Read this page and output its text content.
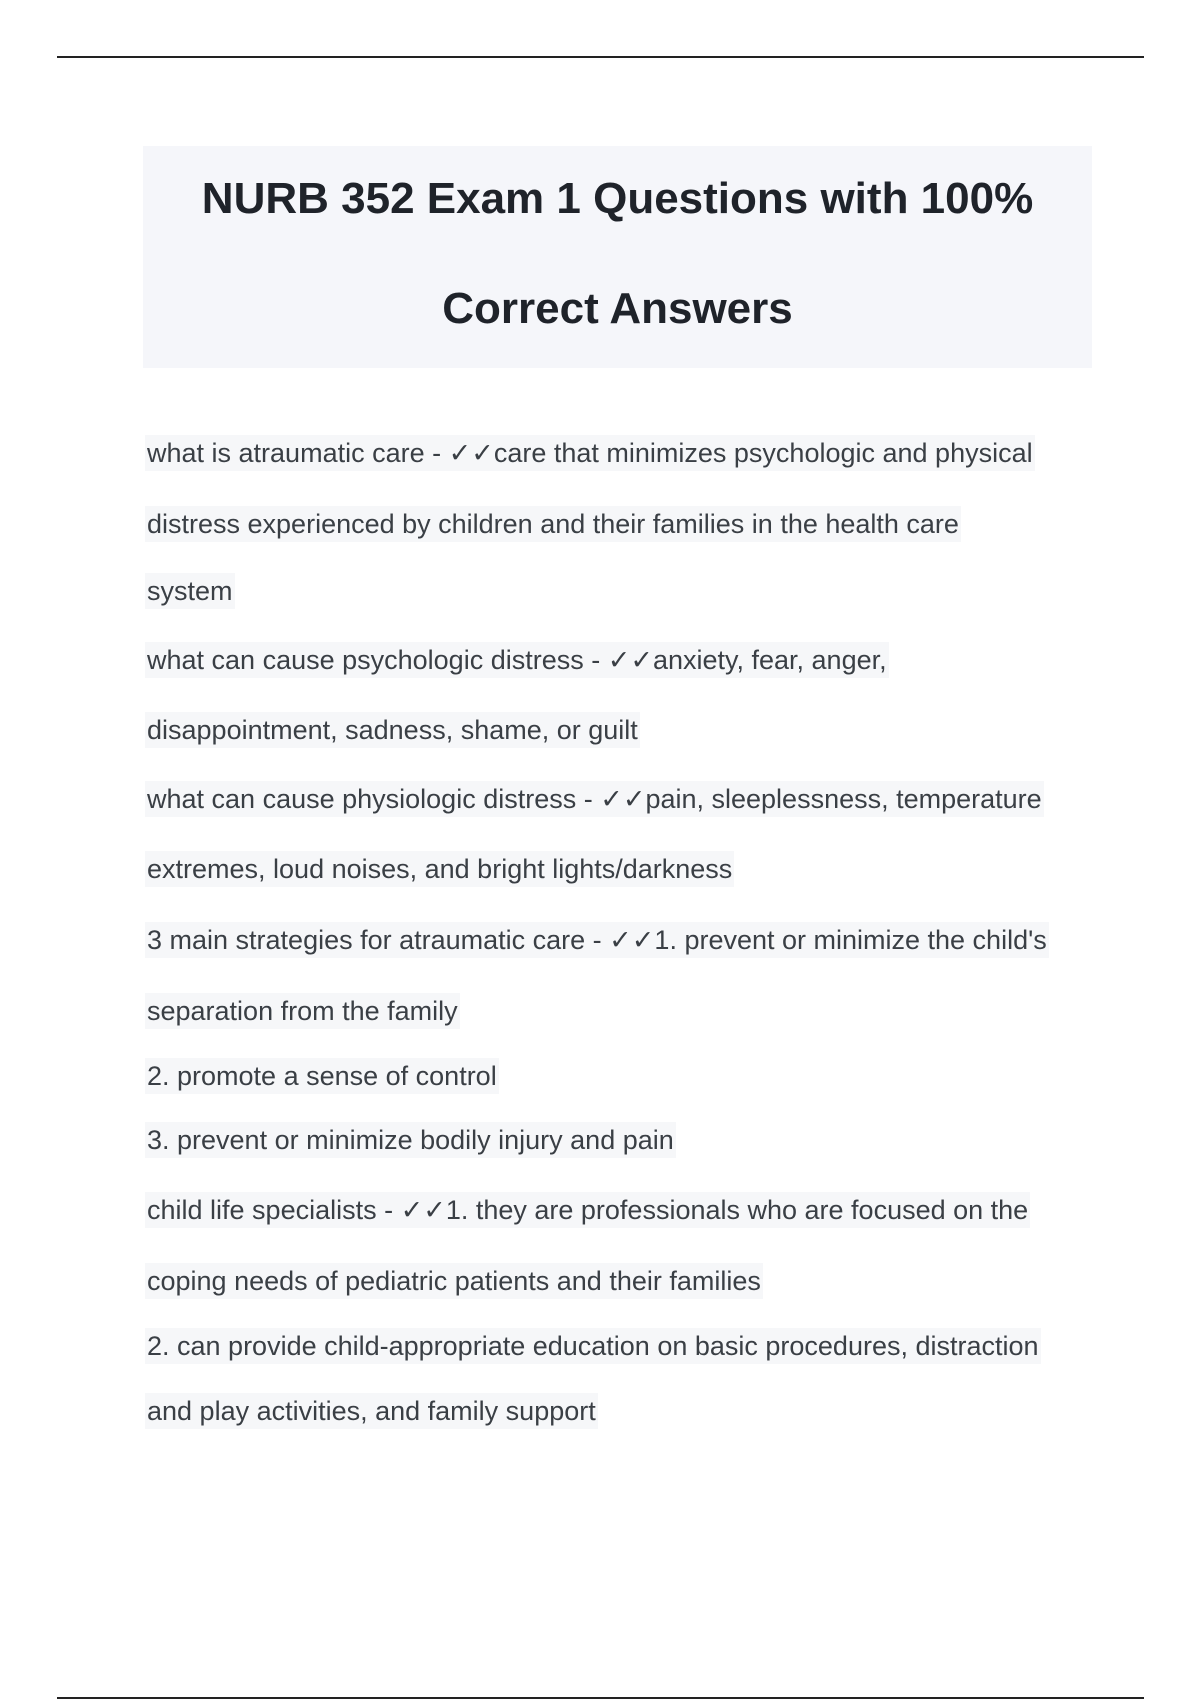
NURB 352 Exam 1 Questions with 100%
Correct Answers
what is atraumatic care - ✓✓care that minimizes psychologic and physical
distress experienced by children and their families in the health care
system
what can cause psychologic distress - ✓✓anxiety, fear, anger,
disappointment, sadness, shame, or guilt
what can cause physiologic distress - ✓✓pain, sleeplessness, temperature
extremes, loud noises, and bright lights/darkness
3 main strategies for atraumatic care - ✓✓1. prevent or minimize the child's
separation from the family
2. promote a sense of control
3. prevent or minimize bodily injury and pain
child life specialists - ✓✓1. they are professionals who are focused on the
coping needs of pediatric patients and their families
2. can provide child-appropriate education on basic procedures, distraction
and play activities, and family support
